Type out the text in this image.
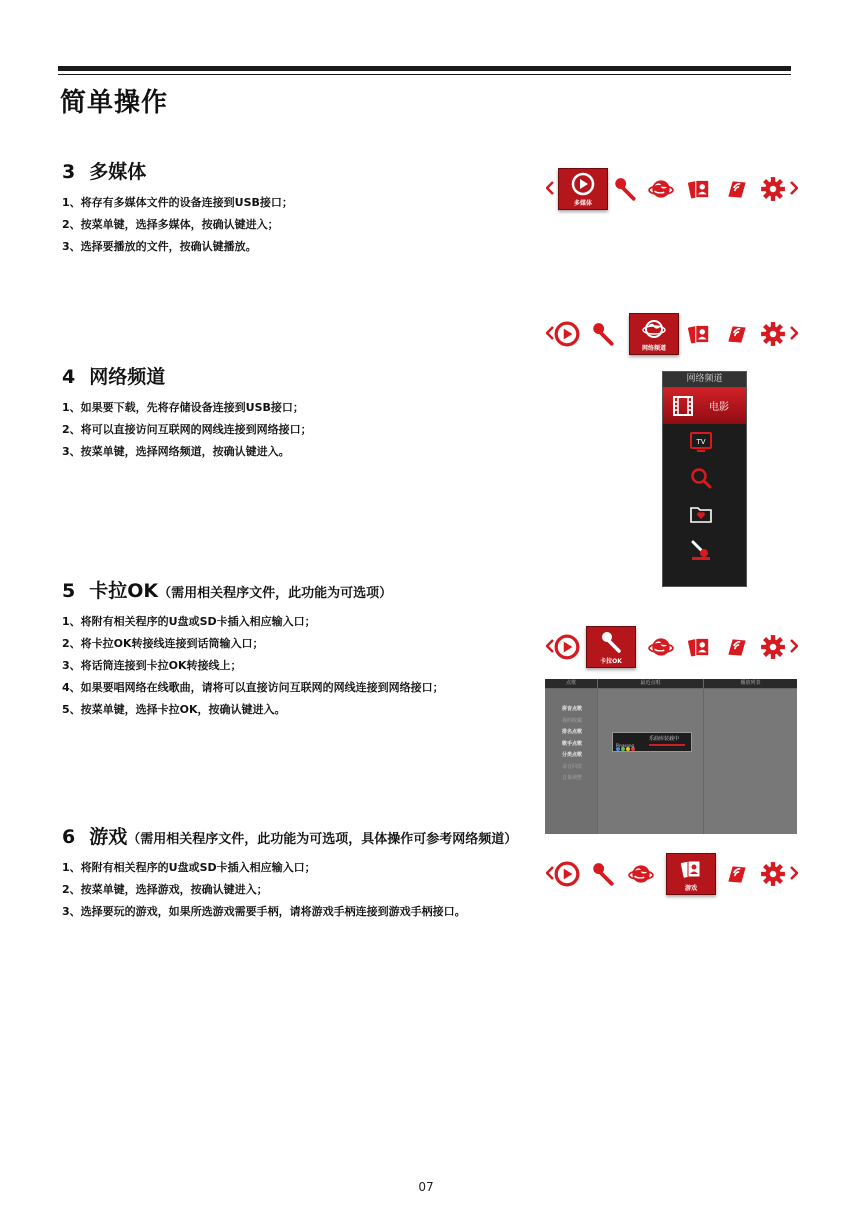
简单操作
3 多媒体
1、将存有多媒体文件的设备连接到USB接口；
2、按菜单键，选择多媒体，按确认键进入；
3、选择要播放的文件，按确认键播放。
4 网络频道
1、如果要下载，先将存储设备连接到USB接口；
2、将可以直接访问互联网的网线连接到网络接口；
3、按菜单键，选择网络频道，按确认键进入。
5 卡拉OK（需用相关程序文件，此功能为可选项）
1、将附有相关程序的U盘或SD卡插入相应输入口；
2、将卡拉OK转接线连接到话筒输入口；
3、将话筒连接到卡拉OK转接线上；
4、如果要唱网络在线歌曲，请将可以直接访问互联网的网线连接到网络接口；
5、按菜单键，选择卡拉OK，按确认键进入。
6 游戏（需用相关程序文件，此功能为可选项，具体操作可参考网络频道）
1、将附有相关程序的U盘或SD卡插入相应输入口；
2、按菜单键，选择游戏，按确认键进入；
3、选择要玩的游戏，如果所选游戏需要手柄，请将游戏手柄连接到游戏手柄接口。
多媒体
网络频道
网络频道
电影
TV
卡拉OK
点歌	最近点唱	播放列表
拼音点歌
我的收藏
排名点歌
歌手点歌
分类点歌
录音回放
音量调整
Pinasong
乐曲库装载中
游戏
07
